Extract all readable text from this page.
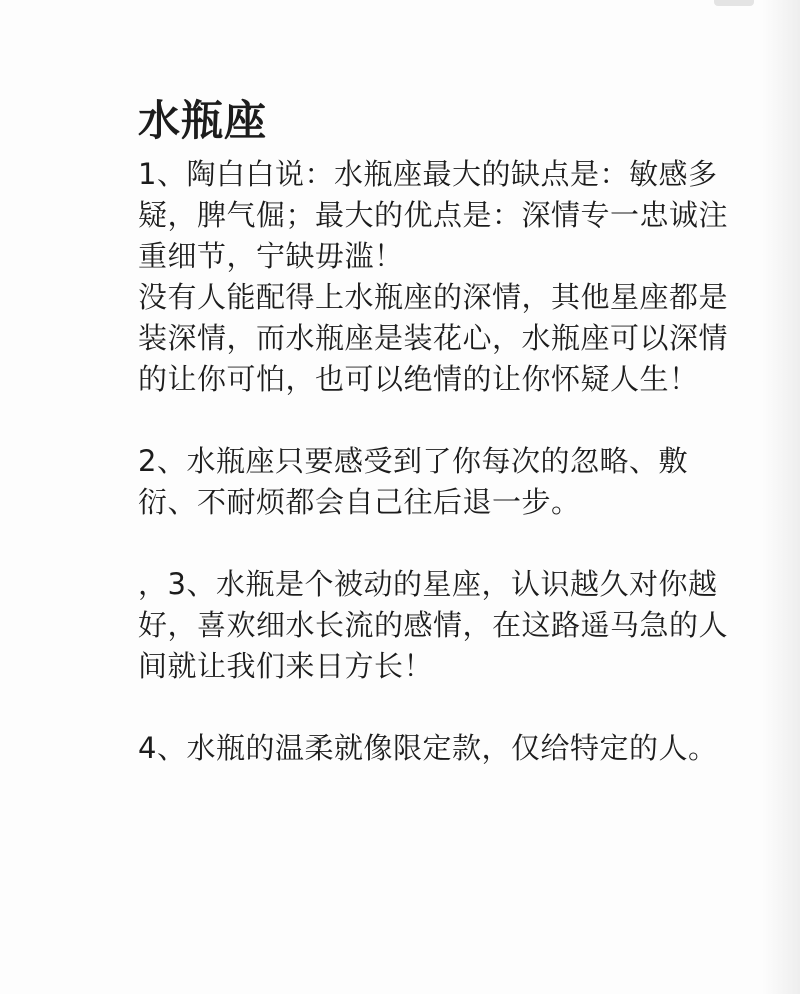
水瓶座

1、陶白白说：水瓶座最大的缺点是：敏感多疑，脾气倔；最大的优点是：深情专一忠诚注重细节，宁缺毋滥！

没有人能配得上水瓶座的深情，其他星座都是装深情，而水瓶座是装花心，水瓶座可以深情的让你可怕，也可以绝情的让你怀疑人生！

2、水瓶座只要感受到了你每次的忽略、敷衍、不耐烦都会自己往后退一步。

，3、水瓶是个被动的星座，认识越久对你越好，喜欢细水长流的感情，在这路遥马急的人间就让我们来日方长！

4、水瓶的温柔就像限定款，仅给特定的人。
